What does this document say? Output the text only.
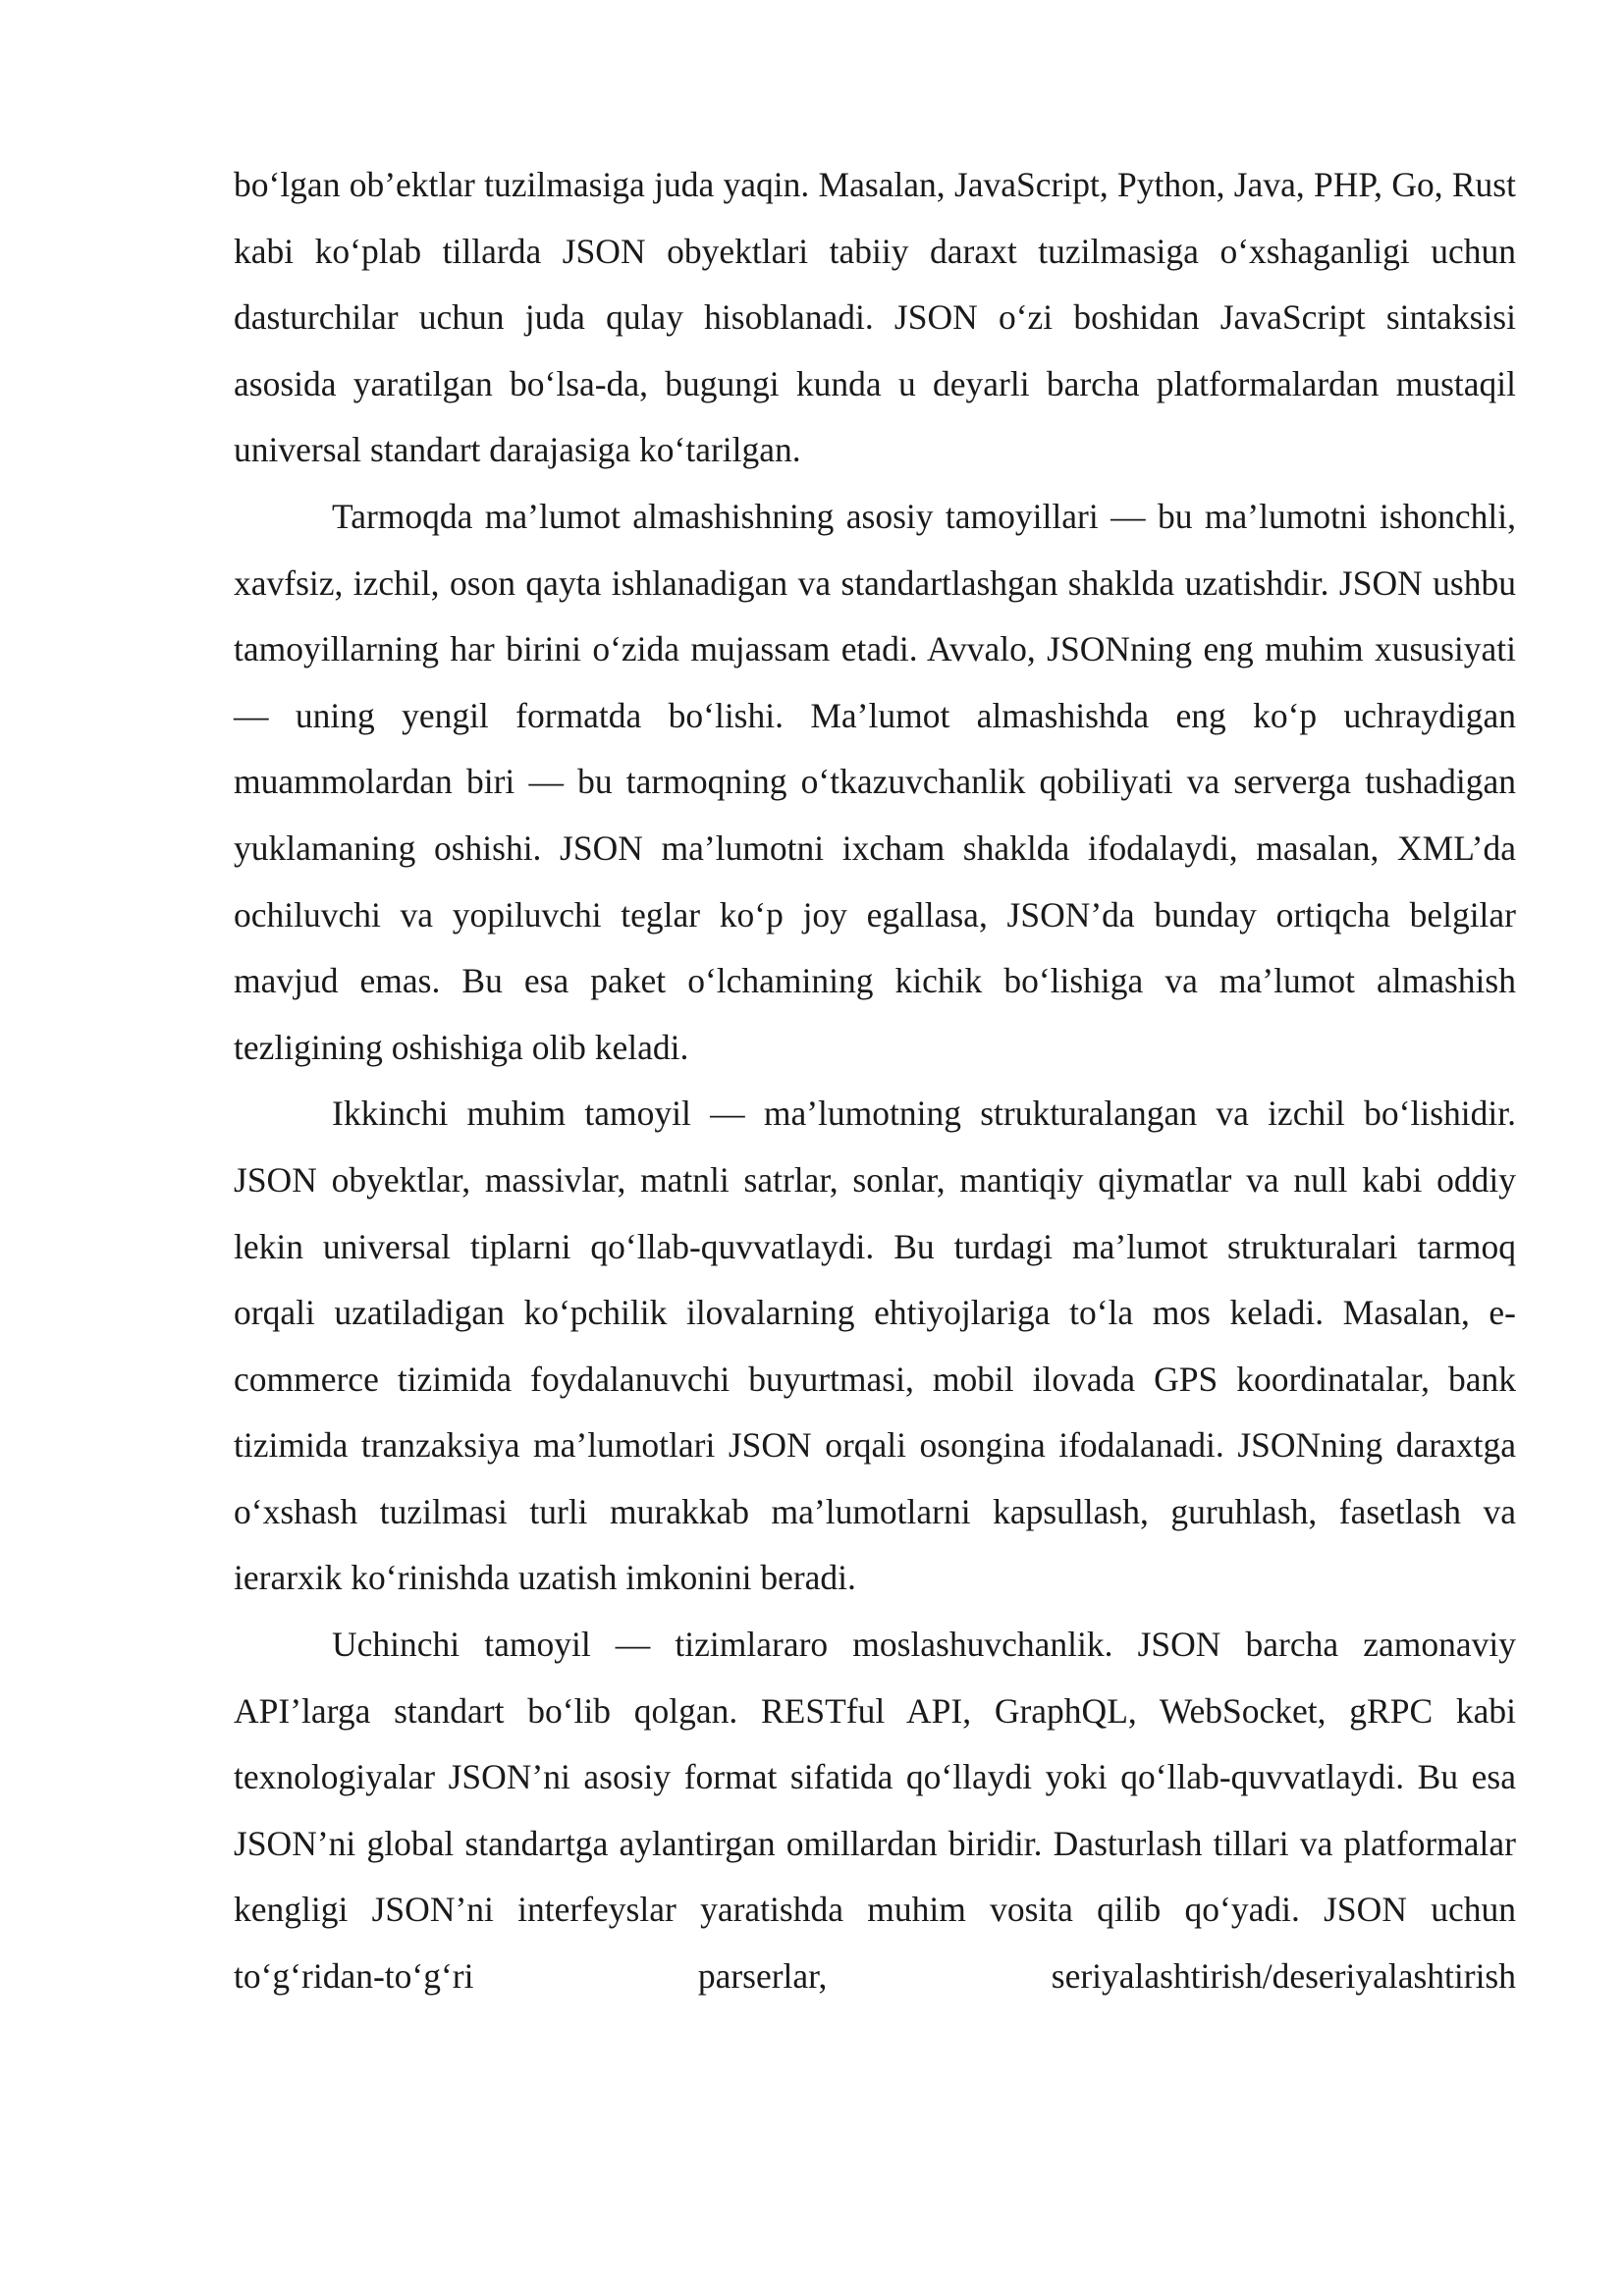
bo‘lgan ob’ektlar tuzilmasiga juda yaqin. Masalan, JavaScript, Python, Java, PHP, Go, Rust kabi ko‘plab tillarda JSON obyektlari tabiiy daraxt tuzilmasiga o‘xshaganligi uchun dasturchilar uchun juda qulay hisoblanadi. JSON o‘zi boshidan JavaScript sintaksisi asosida yaratilgan bo‘lsa-da, bugungi kunda u deyarli barcha platformalardan mustaqil universal standart darajasiga ko‘tarilgan.

Tarmoqda ma’lumot almashishning asosiy tamoyillari — bu ma’lumotni ishonchli, xavfsiz, izchil, oson qayta ishlanadigan va standartlashgan shaklda uzatishdir. JSON ushbu tamoyillarning har birini o‘zida mujassam etadi. Avvalo, JSONning eng muhim xususiyati — uning yengil formatda bo‘lishi. Ma’lumot almashishda eng ko‘p uchraydigan muammolardan biri — bu tarmoqning o‘tkazuvchanlik qobiliyati va serverga tushadigan yuklamaning oshishi. JSON ma’lumotni ixcham shaklda ifodalaydi, masalan, XML’da ochiluvchi va yopiluvchi teglar ko‘p joy egallasa, JSON’da bunday ortiqcha belgilar mavjud emas. Bu esa paket o‘lchamining kichik bo‘lishiga va ma’lumot almashish tezligining oshishiga olib keladi.

Ikkinchi muhim tamoyil — ma’lumotning strukturalangan va izchil bo‘lishidir. JSON obyektlar, massivlar, matnli satrlar, sonlar, mantiqiy qiymatlar va null kabi oddiy lekin universal tiplarni qo‘llab-quvvatlaydi. Bu turdagi ma’lumot strukturalari tarmoq orqali uzatiladigan ko‘pchilik ilovalarning ehtiyojlariga to‘la mos keladi. Masalan, e-commerce tizimida foydalanuvchi buyurtmasi, mobil ilovada GPS koordinatalar, bank tizimida tranzaksiya ma’lumotlari JSON orqali osongina ifodalanadi. JSONning daraxtga o‘xshash tuzilmasi turli murakkab ma’lumotlarni kapsullash, guruhlash, fasetlash va ierarxik ko‘rinishda uzatish imkonini beradi.

Uchinchi tamoyil — tizimlararo moslashuvchanlik. JSON barcha zamonaviy API’larga standart bo‘lib qolgan. RESTful API, GraphQL, WebSocket, gRPC kabi texnologiyalar JSON’ni asosiy format sifatida qo‘llaydi yoki qo‘llab-quvvatlaydi. Bu esa JSON’ni global standartga aylantirgan omillardan biridir. Dasturlash tillari va platformalar kengligi JSON’ni interfeyslar yaratishda muhim vosita qilib qo‘yadi. JSON uchun to‘g‘ridan-to‘g‘ri parserlar, seriyalashtirish/deseriyalashtirish
